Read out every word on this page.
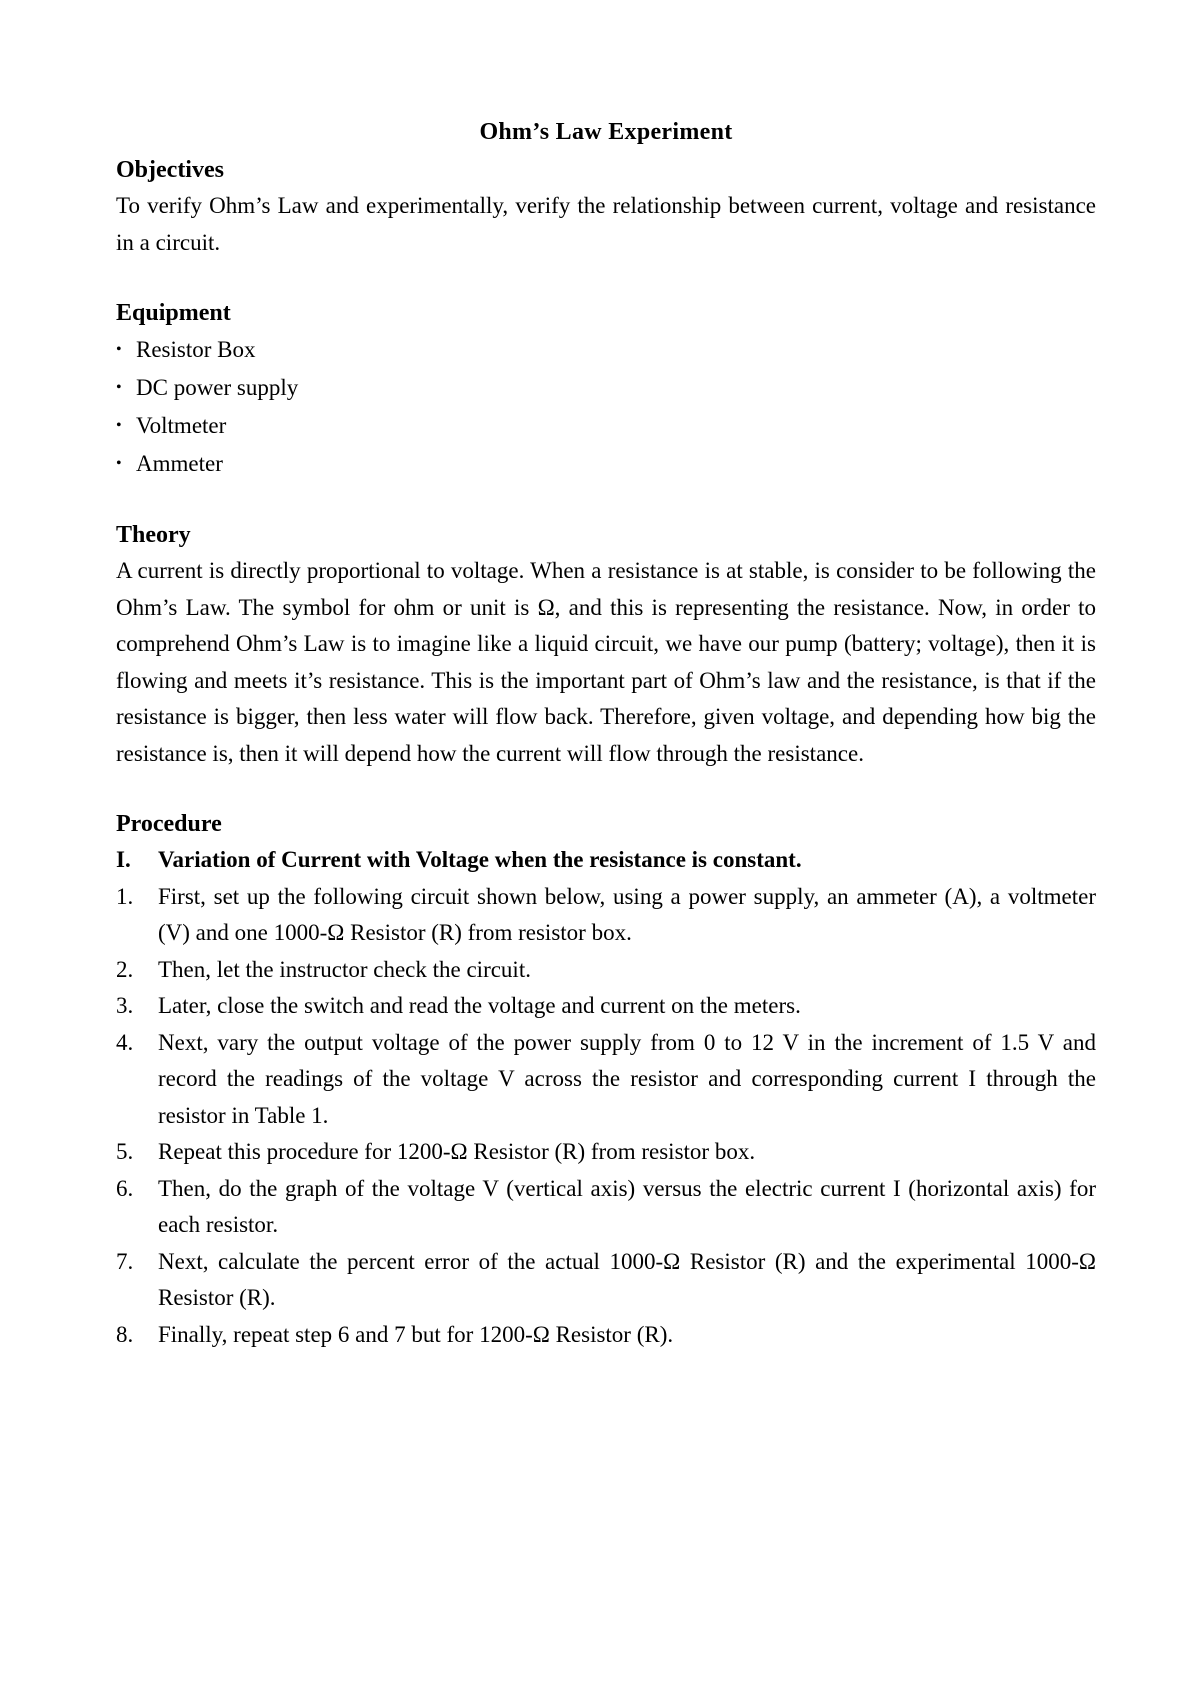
Ohm’s Law Experiment
Objectives

To verify Ohm’s Law and experimentally, verify the relationship between current, voltage and resistance in a circuit.

Equipment
• Resistor Box
• DC power supply
• Voltmeter
• Ammeter
Theory

A current is directly proportional to voltage. When a resistance is at stable, is consider to be following the Ohm’s Law. The symbol for ohm or unit is Ω, and this is representing the resistance. Now, in order to comprehend Ohm’s Law is to imagine like a liquid circuit, we have our pump (battery; voltage), then it is flowing and meets it’s resistance. This is the important part of Ohm’s law and the resistance, is that if the resistance is bigger, then less water will flow back. Therefore, given voltage, and depending how big the resistance is, then it will depend how the current will flow through the resistance.

Procedure
I. Variation of Current with Voltage when the resistance is constant.
1. First, set up the following circuit shown below, using a power supply, an ammeter (A), a voltmeter (V) and one 1000-Ω Resistor (R) from resistor box.
2. Then, let the instructor check the circuit.
3. Later, close the switch and read the voltage and current on the meters.
4. Next, vary the output voltage of the power supply from 0 to 12 V in the increment of 1.5 V and record the readings of the voltage V across the resistor and corresponding current I through the resistor in Table 1.
5. Repeat this procedure for 1200-Ω Resistor (R) from resistor box.
6. Then, do the graph of the voltage V (vertical axis) versus the electric current I (horizontal axis) for each resistor.
7. Next, calculate the percent error of the actual 1000-Ω Resistor (R) and the experimental 1000-Ω Resistor (R).
8. Finally, repeat step 6 and 7 but for 1200-Ω Resistor (R).
